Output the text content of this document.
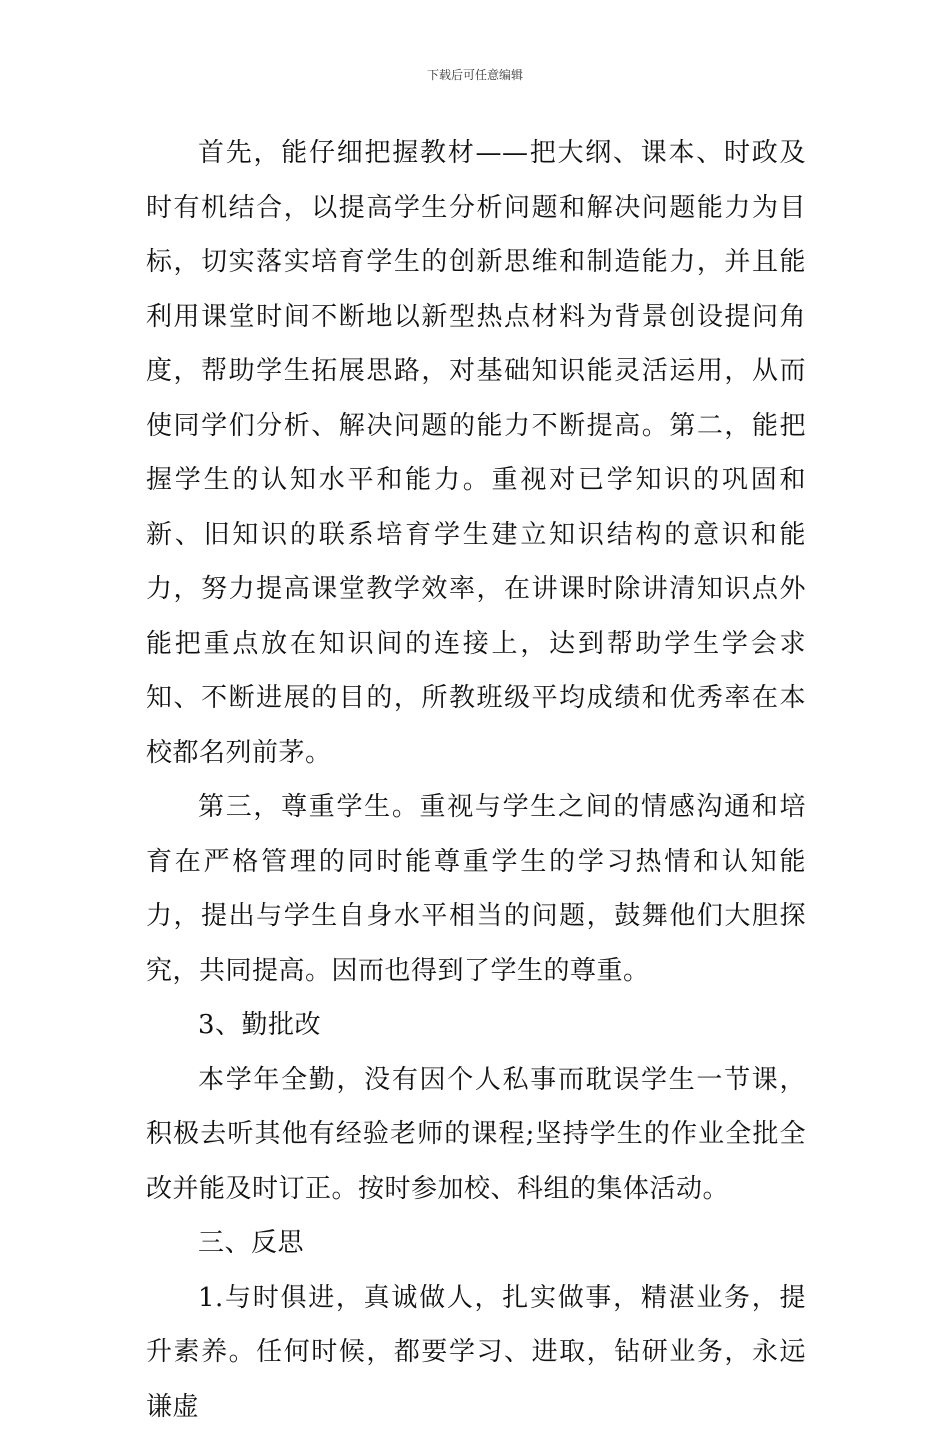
下载后可任意编辑

首先，能仔细把握教材——把大纲、课本、时政及时有机结合，以提高学生分析问题和解决问题能力为目标，切实落实培育学生的创新思维和制造能力，并且能利用课堂时间不断地以新型热点材料为背景创设提问角度，帮助学生拓展思路，对基础知识能灵活运用，从而使同学们分析、解决问题的能力不断提高。第二，能把握学生的认知水平和能力。重视对已学知识的巩固和新、旧知识的联系培育学生建立知识结构的意识和能力，努力提高课堂教学效率，在讲课时除讲清知识点外能把重点放在知识间的连接上，达到帮助学生学会求知、不断进展的目的，所教班级平均成绩和优秀率在本校都名列前茅。

第三，尊重学生。重视与学生之间的情感沟通和培育在严格管理的同时能尊重学生的学习热情和认知能力，提出与学生自身水平相当的问题，鼓舞他们大胆探究，共同提高。因而也得到了学生的尊重。

3、勤批改

本学年全勤，没有因个人私事而耽误学生一节课，积极去听其他有经验老师的课程;坚持学生的作业全批全改并能及时订正。按时参加校、科组的集体活动。

三、反思

1.与时俱进，真诚做人，扎实做事，精湛业务，提升素养。任何时候，都要学习、进取，钻研业务，永远谦虚
